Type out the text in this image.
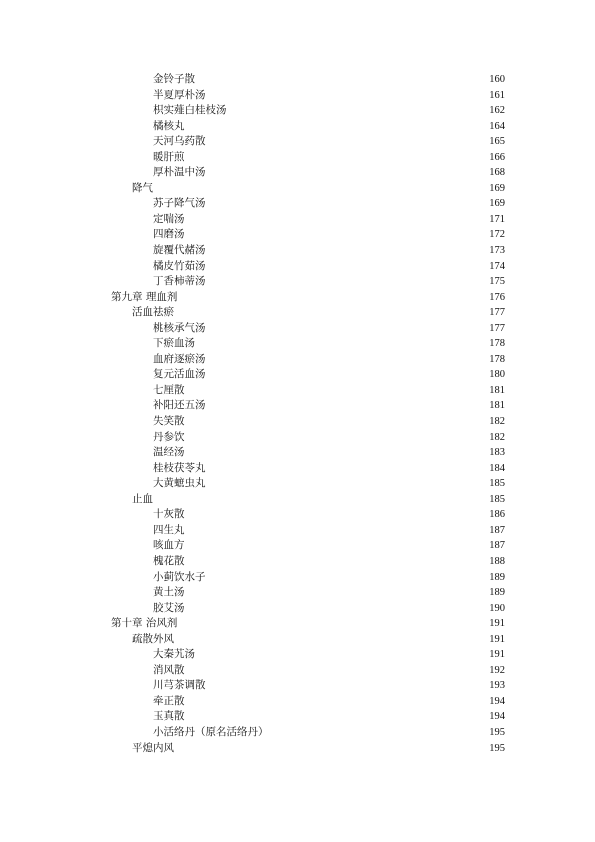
金铃子散	160
半夏厚朴汤	161
枳实薤白桂枝汤	162
橘核丸	164
天河乌药散	165
暖肝煎	166
厚朴温中汤	168
降气	169
苏子降气汤	169
定喘汤	171
四磨汤	172
旋覆代赭汤	173
橘皮竹茹汤	174
丁香柿蒂汤	175
第九章 理血剂	176
活血祛瘀	177
桃核承气汤	177
下瘀血汤	178
血府逐瘀汤	178
复元活血汤	180
七厘散	181
补阳还五汤	181
失笑散	182
丹参饮	182
温经汤	183
桂枝茯苓丸	184
大黄蟅虫丸	185
止血	185
十灰散	186
四生丸	187
咳血方	187
槐花散	188
小蓟饮水子	189
黄土汤	189
胶艾汤	190
第十章 治风剂	191
疏散外风	191
大秦艽汤	191
消风散	192
川芎茶调散	193
牵正散	194
玉真散	194
小活络丹（原名活络丹）	195
平熄内风	195
